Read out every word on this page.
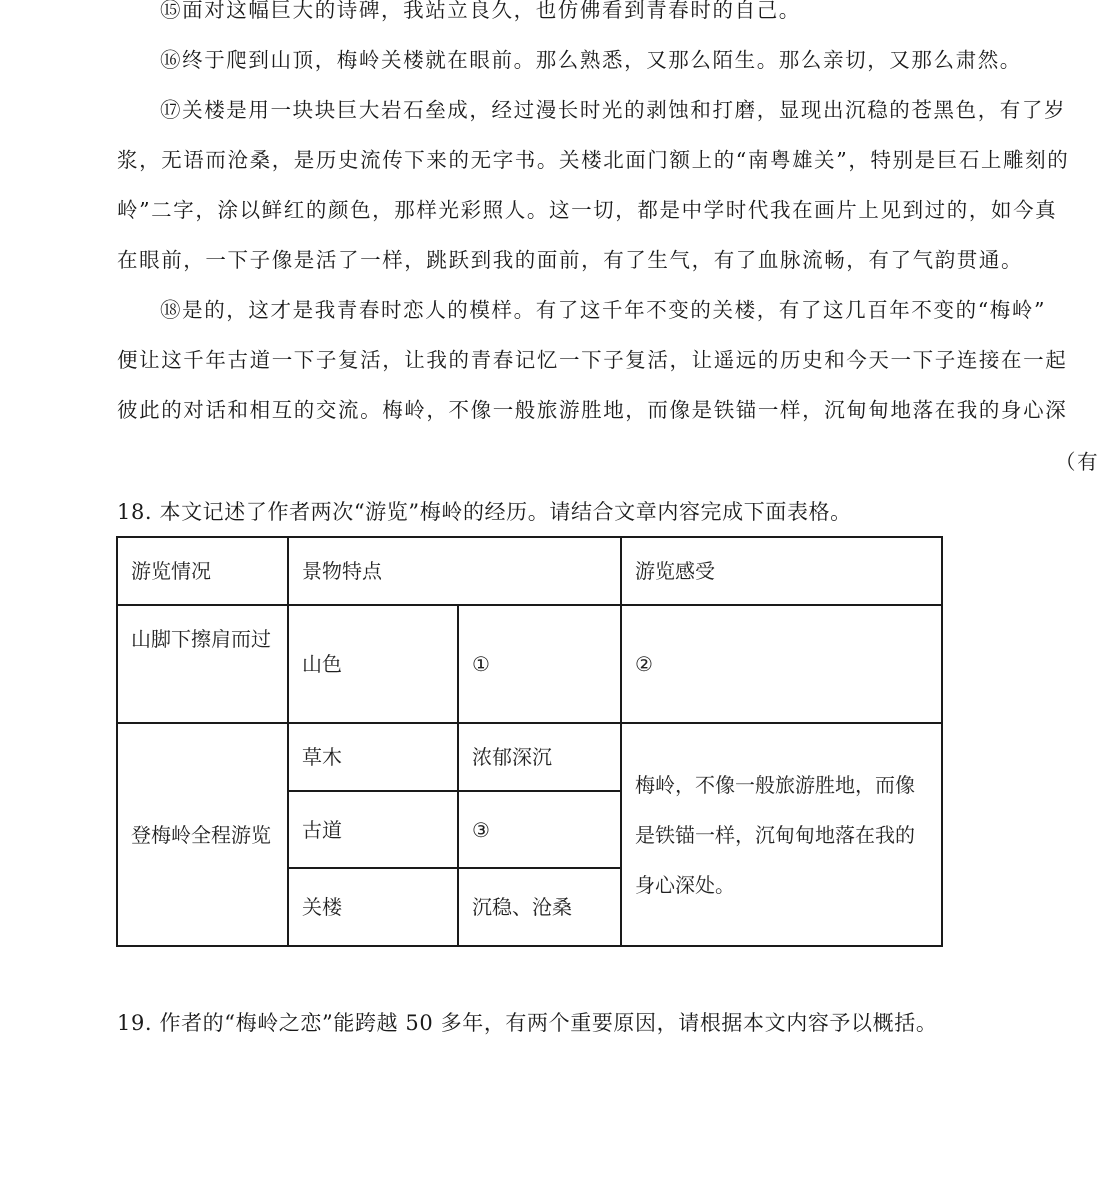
⑮面对这幅巨大的诗碑，我站立良久，也仿佛看到青春时的自己。
⑯终于爬到山顶，梅岭关楼就在眼前。那么熟悉，又那么陌生。那么亲切，又那么肃然。
⑰关楼是用一块块巨大岩石垒成，经过漫长时光的剥蚀和打磨，显现出沉稳的苍黑色，有了岁
浆，无语而沧桑，是历史流传下来的无字书。关楼北面门额上的“南粤雄关”，特别是巨石上雕刻的
岭”二字，涂以鲜红的颜色，那样光彩照人。这一切，都是中学时代我在画片上见到过的，如今真
在眼前，一下子像是活了一样，跳跃到我的面前，有了生气，有了血脉流畅，有了气韵贯通。
⑱是的，这才是我青春时恋人的模样。有了这千年不变的关楼，有了这几百年不变的“梅岭”
便让这千年古道一下子复活，让我的青春记忆一下子复活，让遥远的历史和今天一下子连接在一起
彼此的对话和相互的交流。梅岭，不像一般旅游胜地，而像是铁锚一样，沉甸甸地落在我的身心深
（有
18. 本文记述了作者两次“游览”梅岭的经历。请结合文章内容完成下面表格。
游览情况	景物特点		游览感受

山脚下擦肩而过	山色	①	②

登梅岭全程游览	草木	浓郁深沉	梅岭，不像一般旅游胜地，而像是铁锚一样，沉甸甸地落在我的身心深处。

	古道	③	
	关楼	沉稳、沧桑	
19. 作者的“梅岭之恋”能跨越 50 多年，有两个重要原因，请根据本文内容予以概括。
